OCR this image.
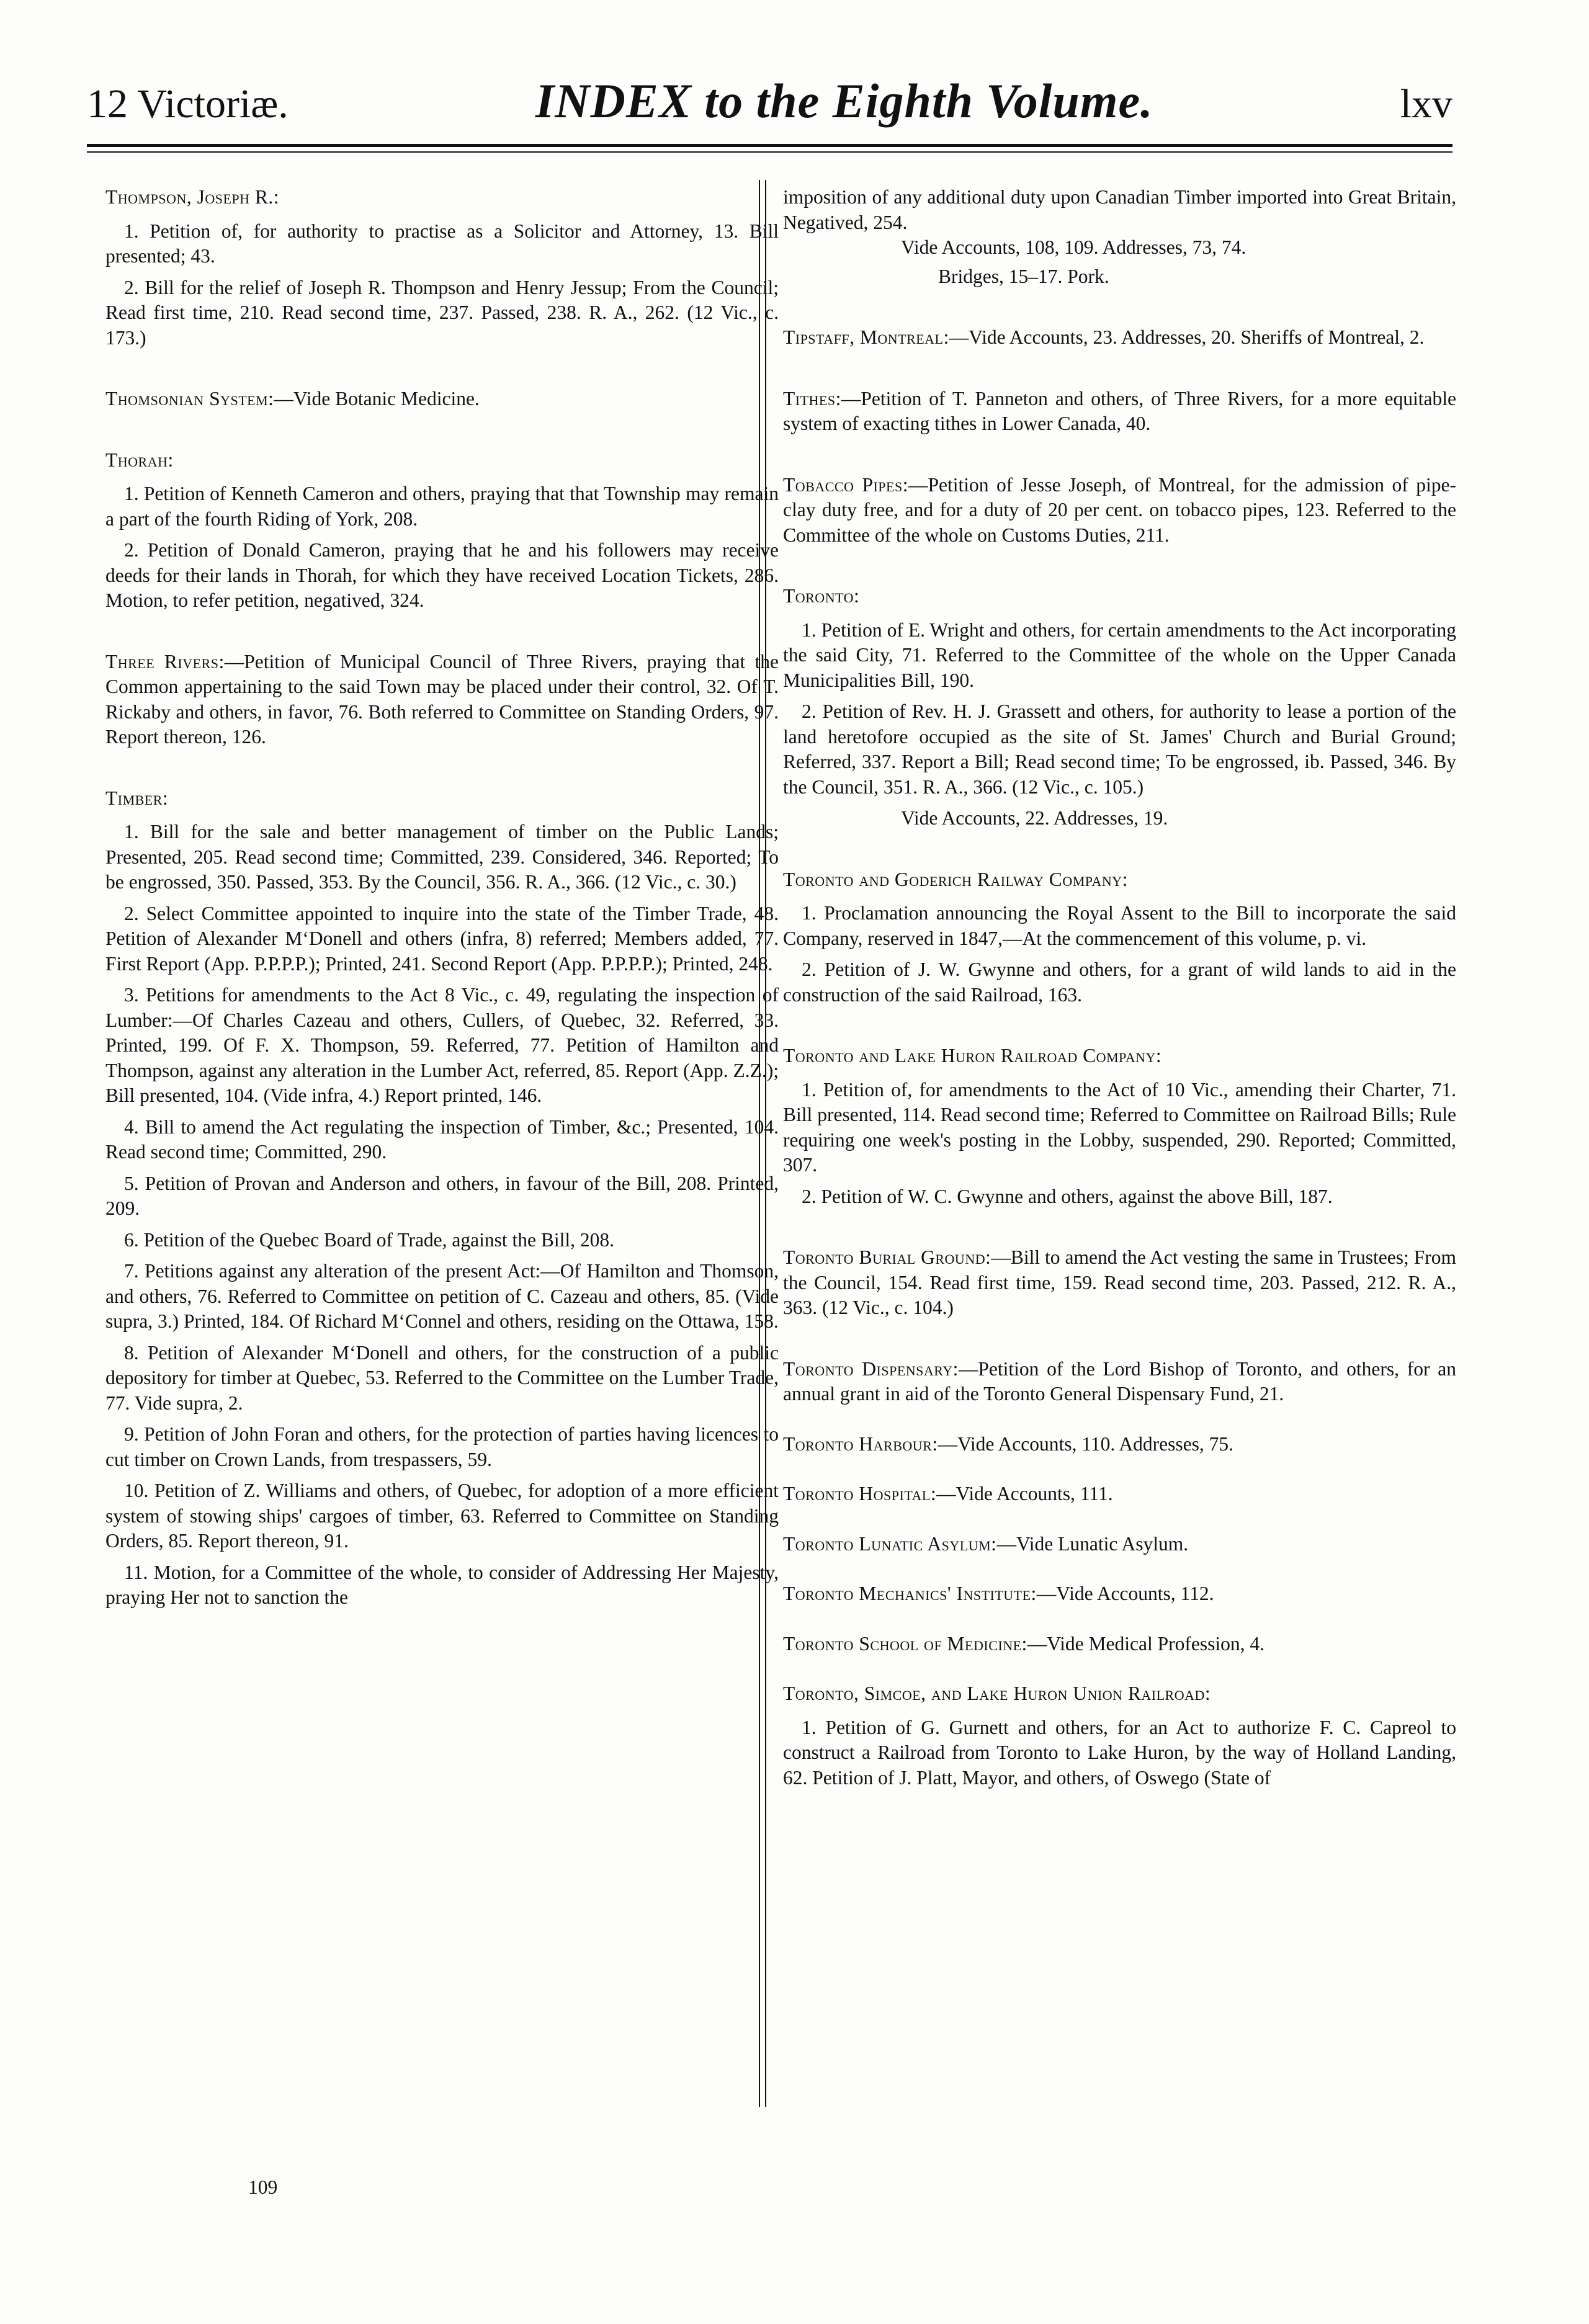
12 Victoriæ.	INDEX to the Eighth Volume.	lxv

Thompson, Joseph R.:

1. Petition of, for authority to practise as a Solicitor and Attorney, 13. Bill presented; 43.

2. Bill for the relief of Joseph R. Thompson and Henry Jessup; From the Council; Read first time, 210. Read second time, 237. Passed, 238. R. A., 262. (12 Vic., c. 173.)

Thomsonian System:—Vide Botanic Medicine.

Thorah:

1. Petition of Kenneth Cameron and others, praying that that Township may remain a part of the fourth Riding of York, 208.

2. Petition of Donald Cameron, praying that he and his followers may receive deeds for their lands in Thorah, for which they have received Location Tickets, 286. Motion, to refer petition, negatived, 324.

Three Rivers:—Petition of Municipal Council of Three Rivers, praying that the Common appertaining to the said Town may be placed under their control, 32. Of T. Rickaby and others, in favor, 76. Both referred to Committee on Standing Orders, 97. Report thereon, 126.

Timber:

1. Bill for the sale and better management of timber on the Public Lands; Presented, 205. Read second time; Committed, 239. Considered, 346. Reported; To be engrossed, 350. Passed, 353. By the Council, 356. R. A., 366. (12 Vic., c. 30.)

2. Select Committee appointed to inquire into the state of the Timber Trade, 48. Petition of Alexander M‘Donell and others (infra, 8) referred; Members added, 77. First Report (App. P.P.P.P.); Printed, 241. Second Report (App. P.P.P.P.); Printed, 248.

3. Petitions for amendments to the Act 8 Vic., c. 49, regulating the inspection of Lumber:—Of Charles Cazeau and others, Cullers, of Quebec, 32. Referred, 33. Printed, 199. Of F. X. Thompson, 59. Referred, 77. Petition of Hamilton and Thompson, against any alteration in the Lumber Act, referred, 85. Report (App. Z.Z.); Bill presented, 104. (Vide infra, 4.) Report printed, 146.

4. Bill to amend the Act regulating the inspection of Timber, &c.; Presented, 104. Read second time; Committed, 290.

5. Petition of Provan and Anderson and others, in favour of the Bill, 208. Printed, 209.

6. Petition of the Quebec Board of Trade, against the Bill, 208.

7. Petitions against any alteration of the present Act:—Of Hamilton and Thomson, and others, 76. Referred to Committee on petition of C. Cazeau and others, 85. (Vide supra, 3.) Printed, 184. Of Richard M‘Connel and others, residing on the Ottawa, 158.

8. Petition of Alexander M‘Donell and others, for the construction of a public depository for timber at Quebec, 53. Referred to the Committee on the Lumber Trade, 77. Vide supra, 2.

9. Petition of John Foran and others, for the protection of parties having licences to cut timber on Crown Lands, from trespassers, 59.

10. Petition of Z. Williams and others, of Quebec, for adoption of a more efficient system of stowing ships' cargoes of timber, 63. Referred to Committee on Standing Orders, 85. Report thereon, 91.

11. Motion, for a Committee of the whole, to consider of Addressing Her Majesty, praying Her not to sanction the

109

imposition of any additional duty upon Canadian Timber imported into Great Britain, Negatived, 254.

Vide Accounts, 108, 109. Addresses, 73, 74.

Bridges, 15–17. Pork.

Tipstaff, Montreal:—Vide Accounts, 23. Addresses, 20. Sheriffs of Montreal, 2.

Tithes:—Petition of T. Panneton and others, of Three Rivers, for a more equitable system of exacting tithes in Lower Canada, 40.

Tobacco Pipes:—Petition of Jesse Joseph, of Montreal, for the admission of pipe-clay duty free, and for a duty of 20 per cent. on tobacco pipes, 123. Referred to the Committee of the whole on Customs Duties, 211.

Toronto:

1. Petition of E. Wright and others, for certain amendments to the Act incorporating the said City, 71. Referred to the Committee of the whole on the Upper Canada Municipalities Bill, 190.

2. Petition of Rev. H. J. Grassett and others, for authority to lease a portion of the land heretofore occupied as the site of St. James' Church and Burial Ground; Referred, 337. Report a Bill; Read second time; To be engrossed, ib. Passed, 346. By the Council, 351. R. A., 366. (12 Vic., c. 105.)

Vide Accounts, 22. Addresses, 19.

Toronto and Goderich Railway Company:

1. Proclamation announcing the Royal Assent to the Bill to incorporate the said Company, reserved in 1847,—At the commencement of this volume, p. vi.

2. Petition of J. W. Gwynne and others, for a grant of wild lands to aid in the construction of the said Railroad, 163.

Toronto and Lake Huron Railroad Company:

1. Petition of, for amendments to the Act of 10 Vic., amending their Charter, 71. Bill presented, 114. Read second time; Referred to Committee on Railroad Bills; Rule requiring one week's posting in the Lobby, suspended, 290. Reported; Committed, 307.

2. Petition of W. C. Gwynne and others, against the above Bill, 187.

Toronto Burial Ground:—Bill to amend the Act vesting the same in Trustees; From the Council, 154. Read first time, 159. Read second time, 203. Passed, 212. R. A., 363. (12 Vic., c. 104.)

Toronto Dispensary:—Petition of the Lord Bishop of Toronto, and others, for an annual grant in aid of the Toronto General Dispensary Fund, 21.

Toronto Harbour:—Vide Accounts, 110. Addresses, 75.

Toronto Hospital:—Vide Accounts, 111.

Toronto Lunatic Asylum:—Vide Lunatic Asylum.

Toronto Mechanics' Institute:—Vide Accounts, 112.

Toronto School of Medicine:—Vide Medical Profession, 4.

Toronto, Simcoe, and Lake Huron Union Railroad:

1. Petition of G. Gurnett and others, for an Act to authorize F. C. Capreol to construct a Railroad from Toronto to Lake Huron, by the way of Holland Landing, 62. Petition of J. Platt, Mayor, and others, of Oswego (State of
